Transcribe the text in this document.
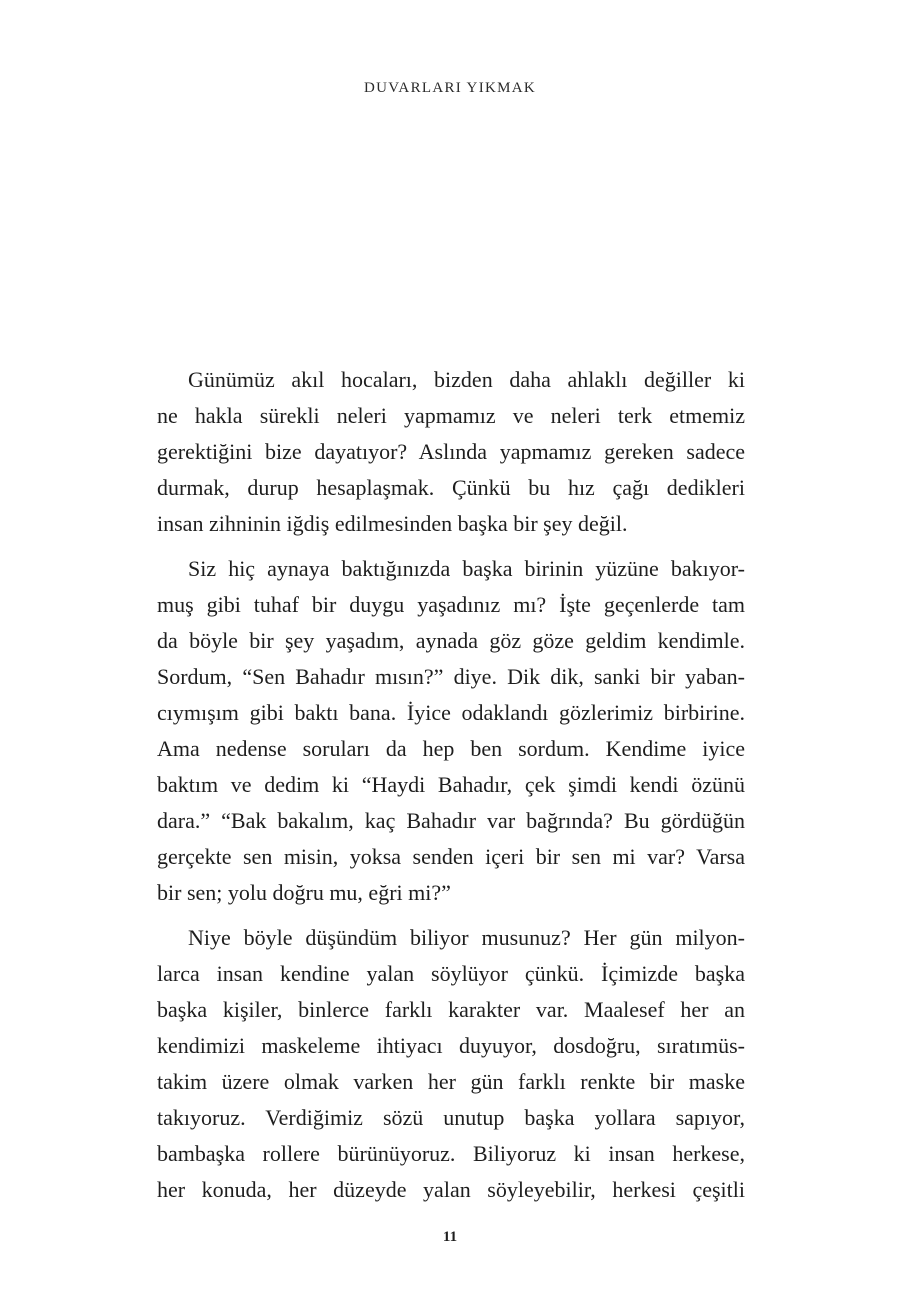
DUVARLARI YIKMAK
Günümüz akıl hocaları, bizden daha ahlaklı değiller ki
ne hakla sürekli neleri yapmamız ve neleri terk etmemiz
gerektiğini bize dayatıyor? Aslında yapmamız gereken sadece
durmak, durup hesaplaşmak. Çünkü bu hız çağı dedikleri
insan zihninin iğdiş edilmesinden başka bir şey değil.
Siz hiç aynaya baktığınızda başka birinin yüzüne bakıyor-
muş gibi tuhaf bir duygu yaşadınız mı? İşte geçenlerde tam
da böyle bir şey yaşadım, aynada göz göze geldim kendimle.
Sordum, “Sen Bahadır mısın?” diye. Dik dik, sanki bir yaban-
cıymışım gibi baktı bana. İyice odaklandı gözlerimiz birbirine.
Ama nedense soruları da hep ben sordum. Kendime iyice
baktım ve dedim ki “Haydi Bahadır, çek şimdi kendi özünü
dara.” “Bak bakalım, kaç Bahadır var bağrında? Bu gördüğün
gerçekte sen misin, yoksa senden içeri bir sen mi var? Varsa
bir sen; yolu doğru mu, eğri mi?”
Niye böyle düşündüm biliyor musunuz? Her gün milyon-
larca insan kendine yalan söylüyor çünkü. İçimizde başka
başka kişiler, binlerce farklı karakter var. Maalesef her an
kendimizi maskeleme ihtiyacı duyuyor, dosdoğru, sıratımüs-
takim üzere olmak varken her gün farklı renkte bir maske
takıyoruz. Verdiğimiz sözü unutup başka yollara sapıyor,
bambaşka rollere bürünüyoruz. Biliyoruz ki insan herkese,
her konuda, her düzeyde yalan söyleyebilir, herkesi çeşitli
11
